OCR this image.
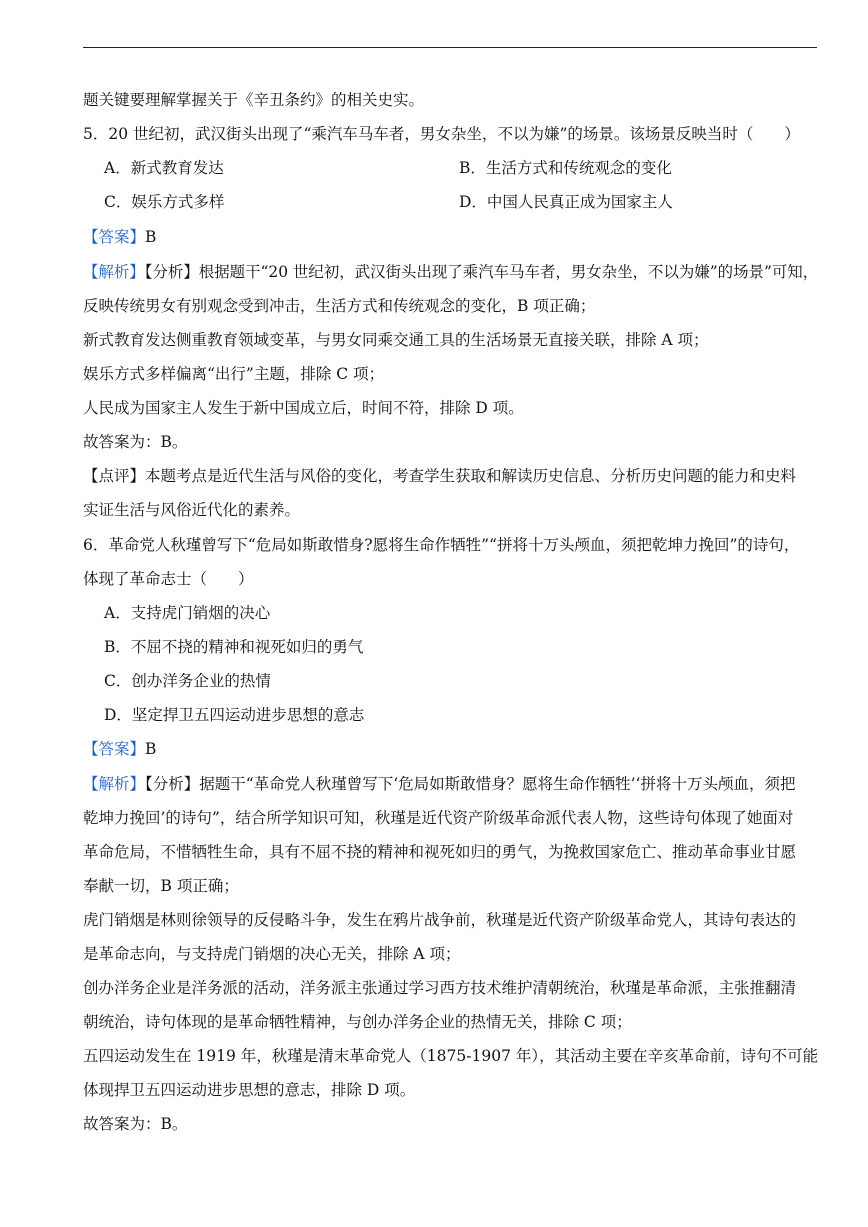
题关键要理解掌握关于《辛丑条约》的相关史实。
5．20 世纪初，武汉街头出现了“乘汽车马车者，男女杂坐，不以为嫌”的场景。该场景反映当时（　　）
A．新式教育发达	B．生活方式和传统观念的变化
C．娱乐方式多样	D．中国人民真正成为国家主人
【答案】B
【解析】【分析】根据题干“20 世纪初，武汉街头出现了乘汽车马车者，男女杂坐，不以为嫌”的场景”可知，
反映传统男女有别观念受到冲击，生活方式和传统观念的变化，B 项正确；
新式教育发达侧重教育领域变革，与男女同乘交通工具的生活场景无直接关联，排除 A 项；
娱乐方式多样偏离“出行”主题，排除 C 项；
人民成为国家主人发生于新中国成立后，时间不符，排除 D 项。
故答案为：B。
【点评】本题考点是近代生活与风俗的变化，考查学生获取和解读历史信息、分析历史问题的能力和史料
实证生活与风俗近代化的素养。
6．革命党人秋瑾曾写下“危局如斯敢惜身?愿将生命作牺牲”“拼将十万头颅血，须把乾坤力挽回”的诗句，
体现了革命志士（　　）
A．支持虎门销烟的决心
B．不屈不挠的精神和视死如归的勇气
C．创办洋务企业的热情
D．坚定捍卫五四运动进步思想的意志
【答案】B
【解析】【分析】据题干“革命党人秋瑾曾写下‘危局如斯敢惜身？愿将生命作牺牲’‘拼将十万头颅血，须把
乾坤力挽回’的诗句”，结合所学知识可知，秋瑾是近代资产阶级革命派代表人物，这些诗句体现了她面对
革命危局，不惜牺牲生命，具有不屈不挠的精神和视死如归的勇气，为挽救国家危亡、推动革命事业甘愿
奉献一切，B 项正确；
虎门销烟是林则徐领导的反侵略斗争，发生在鸦片战争前，秋瑾是近代资产阶级革命党人，其诗句表达的
是革命志向，与支持虎门销烟的决心无关，排除 A 项；
创办洋务企业是洋务派的活动，洋务派主张通过学习西方技术维护清朝统治，秋瑾是革命派，主张推翻清
朝统治，诗句体现的是革命牺牲精神，与创办洋务企业的热情无关，排除 C 项；
五四运动发生在 1919 年，秋瑾是清末革命党人（1875-1907 年），其活动主要在辛亥革命前，诗句不可能
体现捍卫五四运动进步思想的意志，排除 D 项。
故答案为：B。
